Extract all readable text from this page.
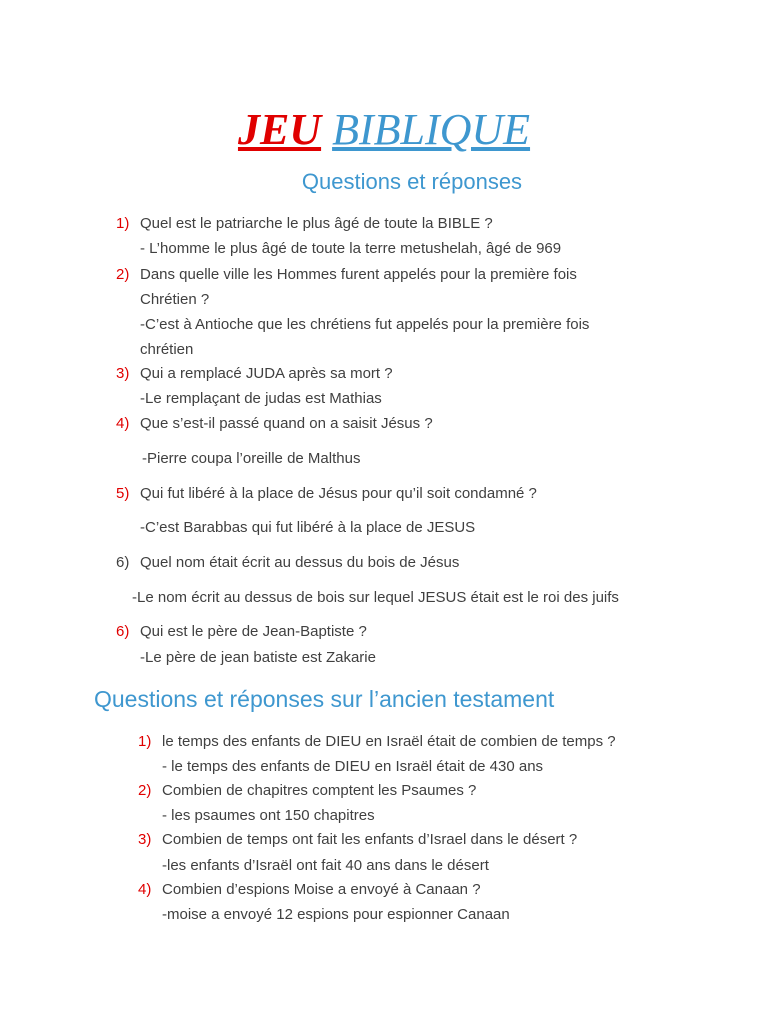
JEU BIBLIQUE
Questions et réponses
1) Quel est le patriarche le plus âgé de toute la BIBLE ?
- L’homme le plus âgé de toute la terre metushelah, âgé de 969
2) Dans quelle ville les Hommes furent appelés pour la première fois
Chrétien ?
-C’est à Antioche que les chrétiens fut appelés pour la première fois
chrétien
3) Qui a remplacé JUDA après sa mort ?
-Le remplaçant de judas est Mathias
4) Que s’est-il passé quand on a saisit Jésus ?
-Pierre coupa l’oreille de Malthus
5) Qui fut libéré à la place de Jésus pour qu’il soit condamné ?
-C’est Barabbas qui fut libéré à la place de JESUS
6) Quel nom était écrit au dessus du bois de Jésus
-Le nom écrit au dessus de bois sur lequel JESUS était est le roi des juifs
6) Qui est le père de Jean-Baptiste ?
-Le père de jean batiste est Zakarie
Questions et réponses sur l’ancien testament
1) le temps des enfants de DIEU en Israël était de combien de temps ?
- le temps des enfants de DIEU en Israël était de 430 ans
2) Combien de chapitres comptent les Psaumes ?
- les psaumes ont 150 chapitres
3) Combien de temps ont fait les enfants d’Israel dans le désert ?
-les enfants d’Israël ont fait 40 ans dans le désert
4) Combien d’espions Moise a envoyé à Canaan ?
-moise a envoyé 12 espions pour espionner Canaan
